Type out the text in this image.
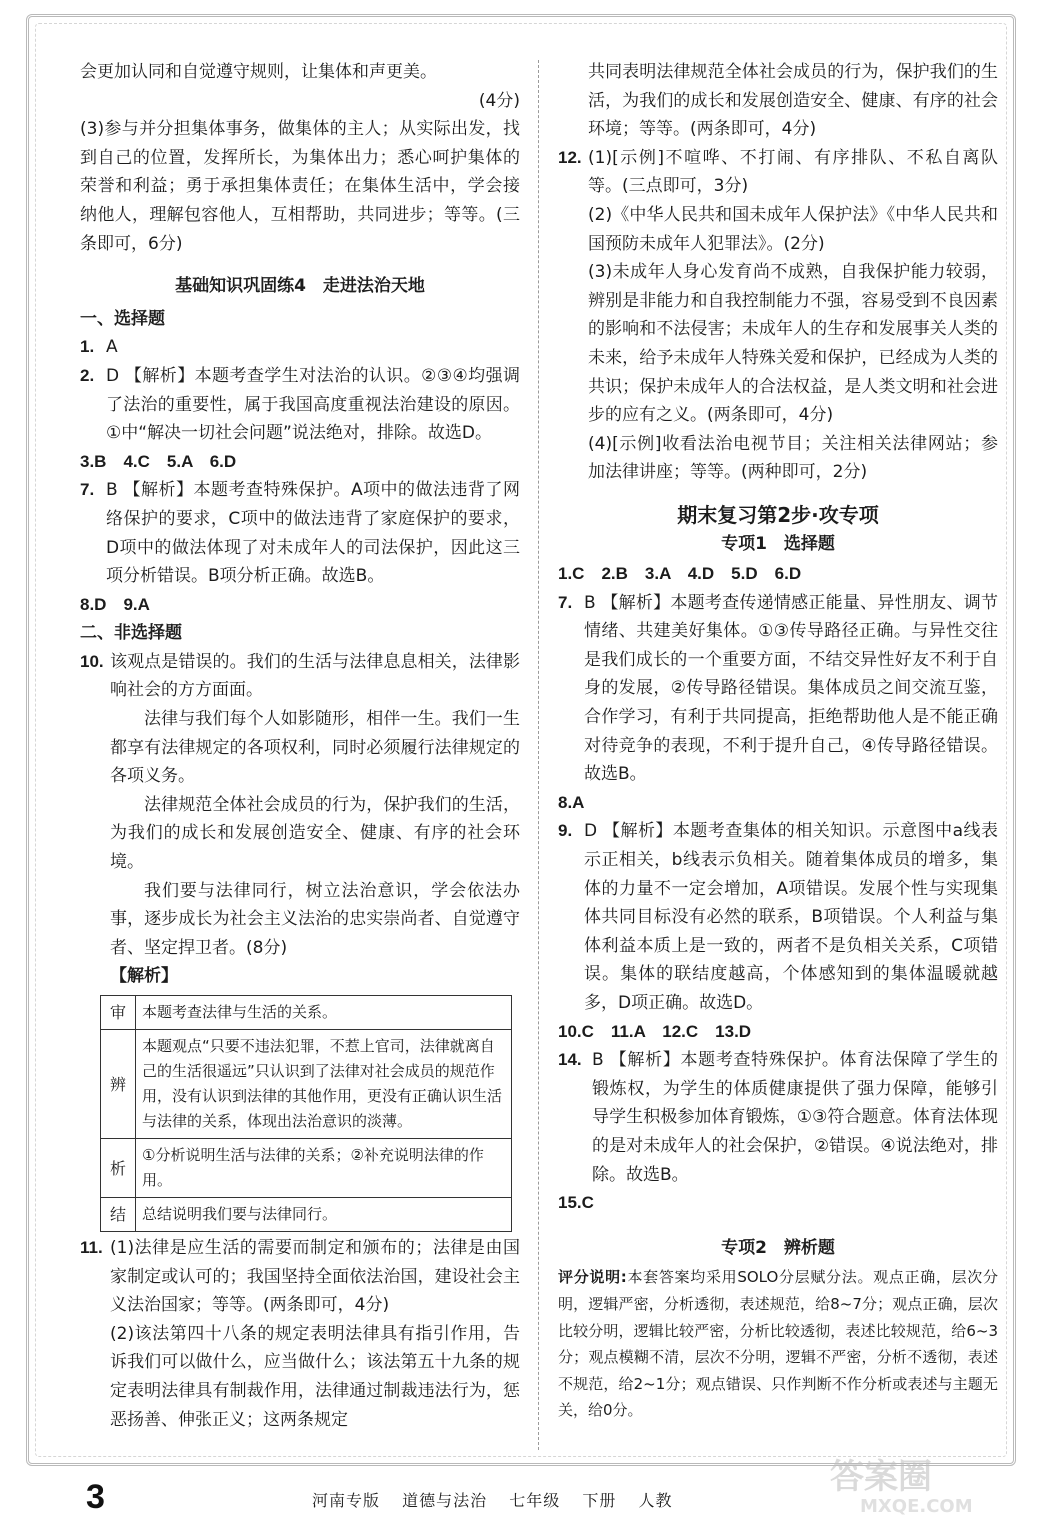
会更加认同和自觉遵守规则，让集体和声更美。

(4分)

(3)参与并分担集体事务，做集体的主人；从实际出发，找到自己的位置，发挥所长，为集体出力；悉心呵护集体的荣誉和利益；勇于承担集体责任；在集体生活中，学会接纳他人，理解包容他人，互相帮助，共同进步；等等。(三条即可，6分)

基础知识巩固练4　走进法治天地

一、选择题

1. A

2. D 【解析】本题考查学生对法治的认识。②③④均强调了法治的重要性，属于我国高度重视法治建设的原因。①中“解决一切社会问题”说法绝对，排除。故选D。

3.B　4.C　5.A　6.D

7. B 【解析】本题考查特殊保护。A项中的做法违背了网络保护的要求，C项中的做法违背了家庭保护的要求，D项中的做法体现了对未成年人的司法保护，因此这三项分析错误。B项分析正确。故选B。

8.D　9.A

二、非选择题

10. 该观点是错误的。我们的生活与法律息息相关，法律影响社会的方方面面。

法律与我们每个人如影随形，相伴一生。我们一生都享有法律规定的各项权利，同时必须履行法律规定的各项义务。

法律规范全体社会成员的行为，保护我们的生活，为我们的成长和发展创造安全、健康、有序的社会环境。

我们要与法律同行，树立法治意识，学会依法办事，逐步成长为社会主义法治的忠实崇尚者、自觉遵守者、坚定捍卫者。(8分)

【解析】

审	本题考查法律与生活的关系。
辨	本题观点“只要不违法犯罪，不惹上官司，法律就离自己的生活很遥远”只认识到了法律对社会成员的规范作用，没有认识到法律的其他作用，更没有正确认识生活与法律的关系，体现出法治意识的淡薄。
析	①分析说明生活与法律的关系；②补充说明法律的作用。
结	总结说明我们要与法律同行。
11. (1)法律是应生活的需要而制定和颁布的；法律是由国家制定或认可的；我国坚持全面依法治国，建设社会主义法治国家；等等。(两条即可，4分)

(2)该法第四十八条的规定表明法律具有指引作用，告诉我们可以做什么，应当做什么；该法第五十九条的规定表明法律具有制裁作用，法律通过制裁违法行为，惩恶扬善、伸张正义；这两条规定

共同表明法律规范全体社会成员的行为，保护我们的生活，为我们的成长和发展创造安全、健康、有序的社会环境；等等。(两条即可，4分)

12. (1)[示例]不喧哗、不打闹、有序排队、不私自离队等。(三点即可，3分)

(2)《中华人民共和国未成年人保护法》《中华人民共和国预防未成年人犯罪法》。(2分)

(3)未成年人身心发育尚不成熟，自我保护能力较弱，辨别是非能力和自我控制能力不强，容易受到不良因素的影响和不法侵害；未成年人的生存和发展事关人类的未来，给予未成年人特殊关爱和保护，已经成为人类的共识；保护未成年人的合法权益，是人类文明和社会进步的应有之义。(两条即可，4分)

(4)[示例]收看法治电视节目；关注相关法律网站；参加法律讲座；等等。(两种即可，2分)

期末复习第2步·攻专项
专项1　选择题

1.C　2.B　3.A　4.D　5.D　6.D

7. B 【解析】本题考查传递情感正能量、异性朋友、调节情绪、共建美好集体。①③传导路径正确。与异性交往是我们成长的一个重要方面，不结交异性好友不利于自身的发展，②传导路径错误。集体成员之间交流互鉴，合作学习，有利于共同提高，拒绝帮助他人是不能正确对待竞争的表现，不利于提升自己，④传导路径错误。故选B。

8.A

9. D 【解析】本题考查集体的相关知识。示意图中a线表示正相关，b线表示负相关。随着集体成员的增多，集体的力量不一定会增加，A项错误。发展个性与实现集体共同目标没有必然的联系，B项错误。个人利益与集体利益本质上是一致的，两者不是负相关关系，C项错误。集体的联结度越高，个体感知到的集体温暖就越多，D项正确。故选D。

10.C　11.A　12.C　13.D

14. B 【解析】本题考查特殊保护。体育法保障了学生的锻炼权，为学生的体质健康提供了强力保障，能够引导学生积极参加体育锻炼，①③符合题意。体育法体现的是对未成年人的社会保护，②错误。④说法绝对，排除。故选B。

15.C

专项2　辨析题

评分说明:本套答案均采用SOLO分层赋分法。观点正确，层次分明，逻辑严密，分析透彻，表述规范，给8~7分；观点正确，层次比较分明，逻辑比较严密，分析比较透彻，表述比较规范，给6~3分；观点模糊不清，层次不分明，逻辑不严密，分析不透彻，表述不规范，给2~1分；观点错误、只作判断不作分析或表述与主题无关，给0分。

3	河南专版 道德与法治 七年级 下册 人教
答案圈
MXQE.COM
